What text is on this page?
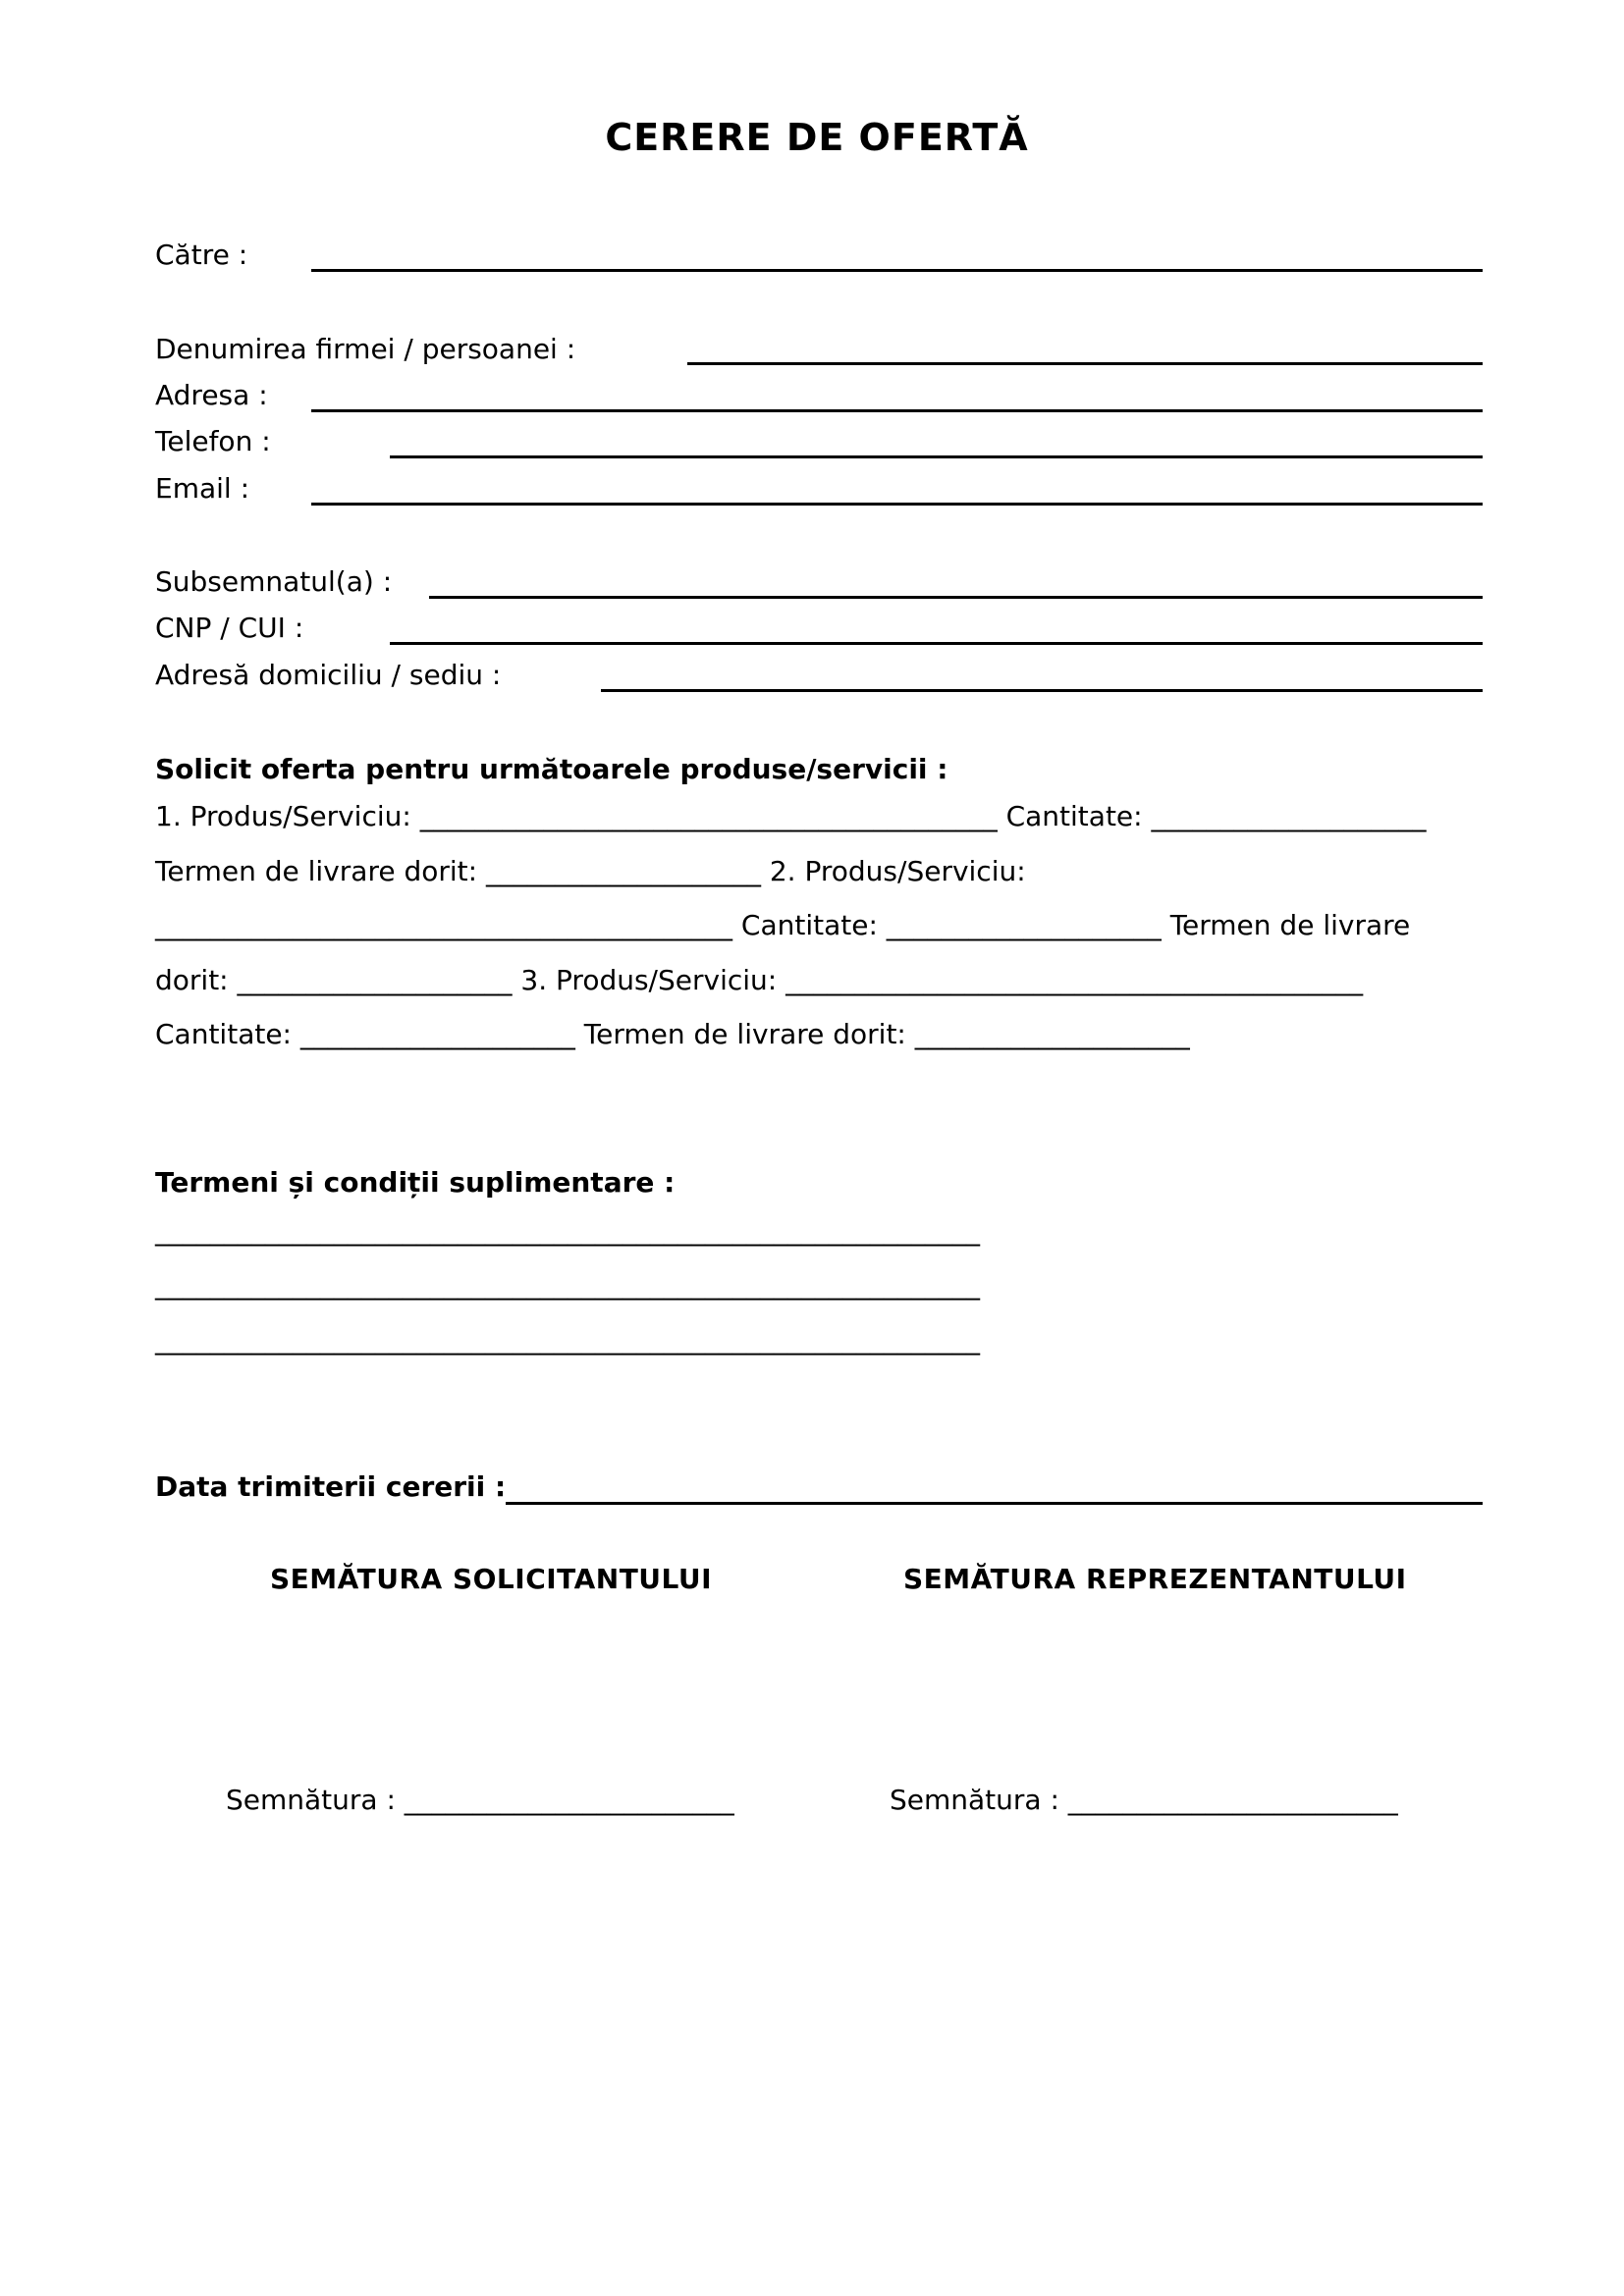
CERERE DE OFERTĂ
Către :
Denumirea firmei / persoanei :
Adresa :
Telefon :
Email :
Subsemnatul(a) :
CNP / CUI :
Adresă domiciliu / sediu :
Solicit oferta pentru următoarele produse/servicii :
1. Produs/Serviciu: __________________________________________ Cantitate: ____________________ Termen de livrare dorit: ____________________ 2. Produs/Serviciu: __________________________________________ Cantitate: ____________________ Termen de livrare dorit: ____________________ 3. Produs/Serviciu: __________________________________________ Cantitate: ____________________ Termen de livrare dorit: ____________________
Termeni și condiții suplimentare :
____________________________________________________________
____________________________________________________________
____________________________________________________________
Data trimiterii cererii :
SEMĂTURA SOLICITANTULUI	SEMĂTURA REPREZENTANTULUI
Semnătura : ________________________	Semnătura : ________________________
